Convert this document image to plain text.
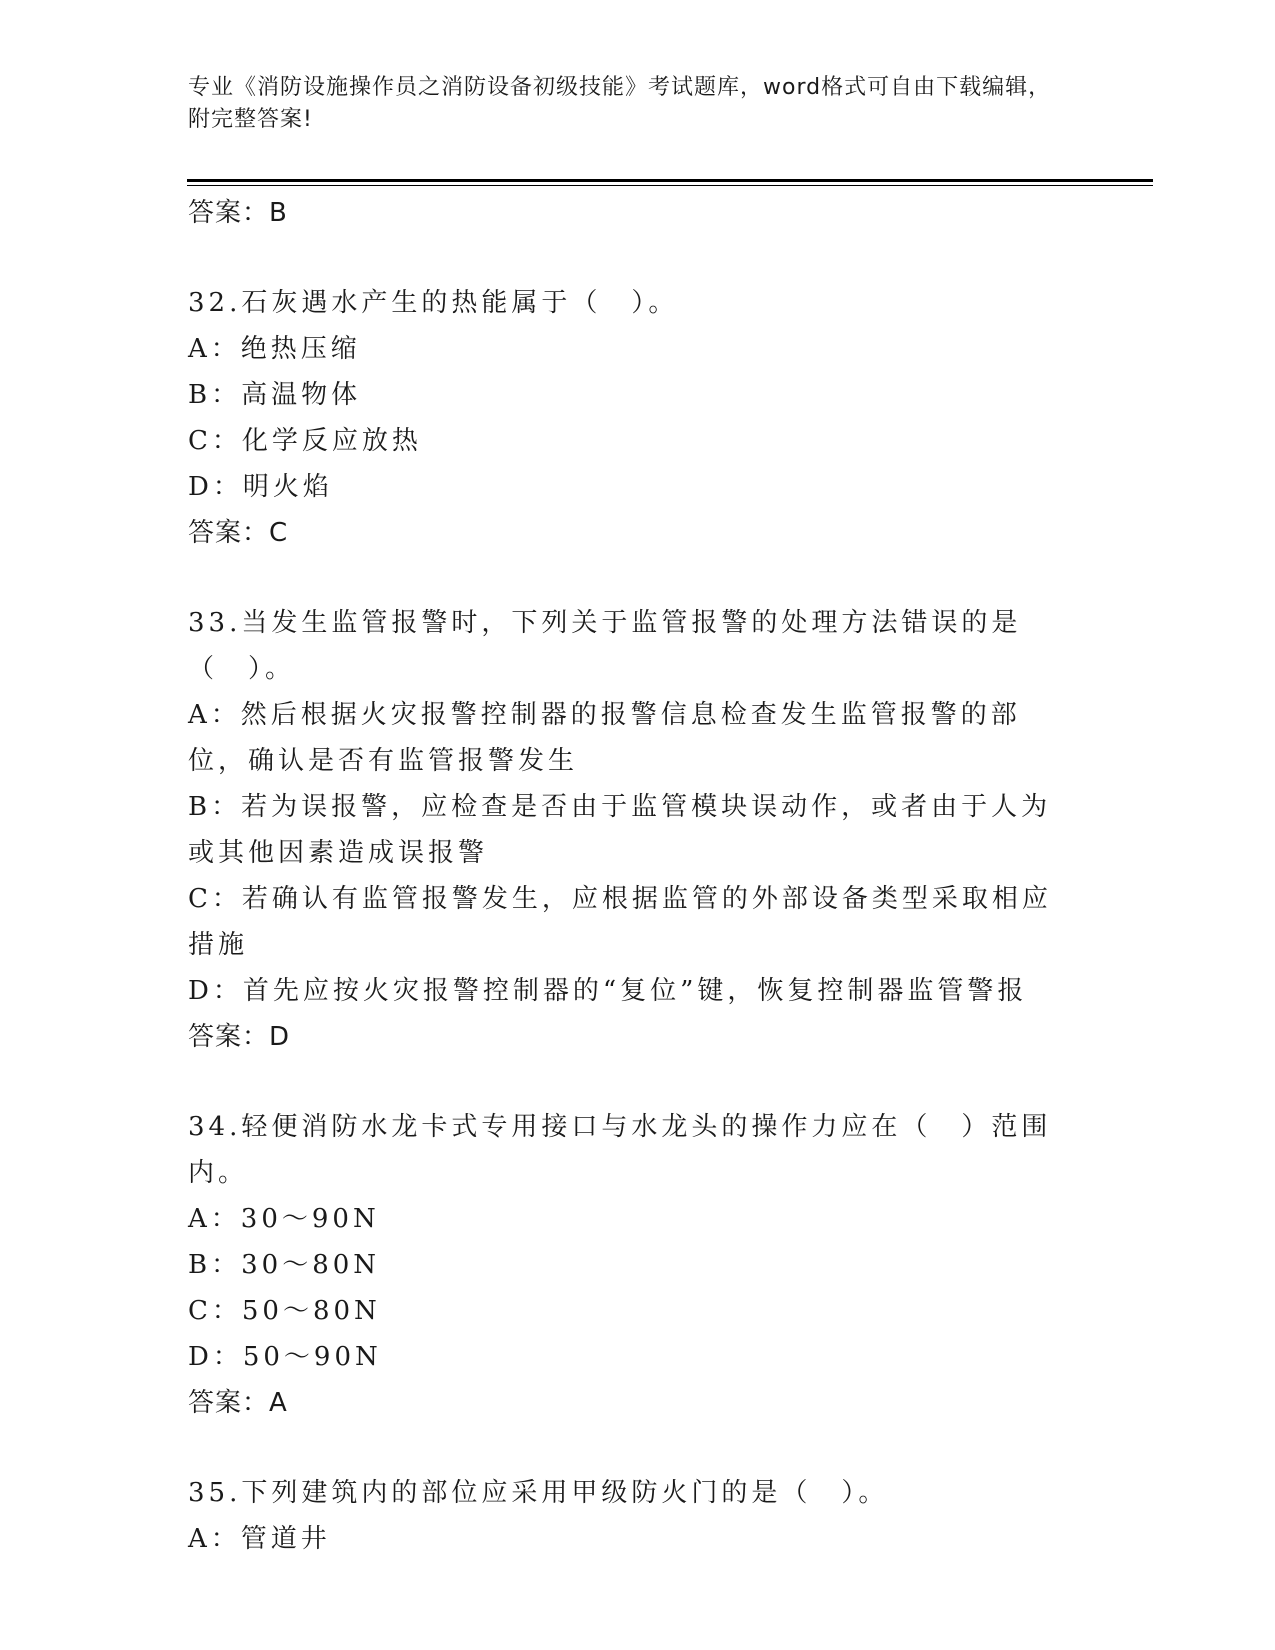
专业《消防设施操作员之消防设备初级技能》考试题库，word格式可自由下载编辑，附完整答案!
答案：B
32.石灰遇水产生的热能属于（　）。
A：绝热压缩
B：高温物体
C：化学反应放热
D：明火焰
答案：C
33.当发生监管报警时，下列关于监管报警的处理方法错误的是（　）。
A：然后根据火灾报警控制器的报警信息检查发生监管报警的部位，确认是否有监管报警发生
B：若为误报警，应检查是否由于监管模块误动作，或者由于人为或其他因素造成误报警
C：若确认有监管报警发生，应根据监管的外部设备类型采取相应措施
D：首先应按火灾报警控制器的“复位”键，恢复控制器监管警报
答案：D
34.轻便消防水龙卡式专用接口与水龙头的操作力应在（　）范围内。
A：30～90N
B：30～80N
C：50～80N
D：50～90N
答案：A
35.下列建筑内的部位应采用甲级防火门的是（　）。
A：管道井
